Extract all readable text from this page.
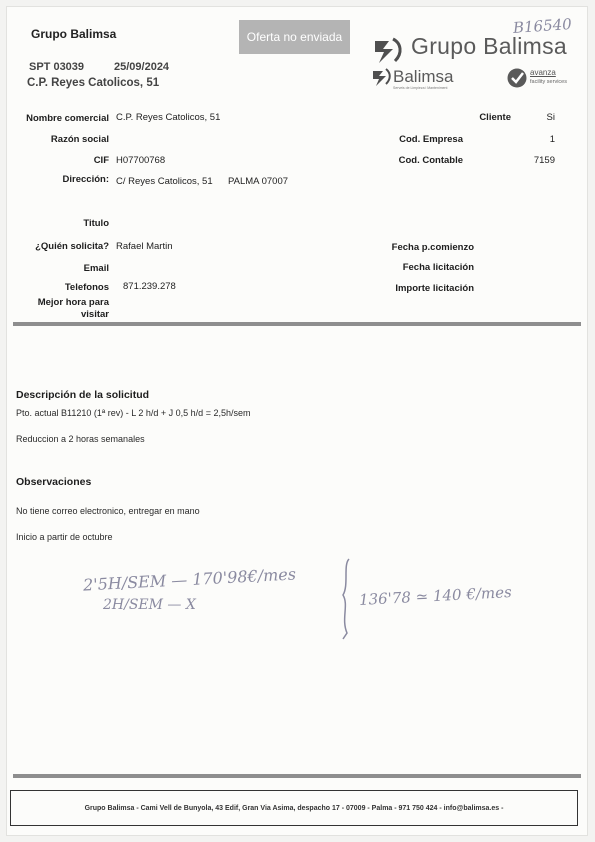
Grupo Balimsa	Oferta no enviada
SPT 03039	25/09/2024
C.P. Reyes Catolicos, 51
B16540
Grupo Balimsa
Balimsa
Serveis de Limpieza i Manteniment
avanza
facility services
Nombre comercial C.P. Reyes Catolicos, 51
Razón social
CIF H07700768
Dirección: C/ Reyes Catolicos, 51 PALMA 07007
Cliente	Si
Cod. Empresa	1
Cod. Contable	7159
Titulo
¿Quién solicita? Rafael Martin
Email
Telefonos 871.239.278
Mejor hora para
visitar
Fecha p.comienzo
Fecha licitación
Importe licitación
Descripción de la solicitud
Pto. actual B11210 (1ª rev) - L 2 h/d + J 0,5 h/d = 2,5h/sem
Reduccion a 2 horas semanales
Observaciones
No tiene correo electronico, entregar en mano
Inicio a partir de octubre
2'5H/SEM — 170'98€/mes
2H/SEM — X	136'78 ≃ 140 €/mes
Grupo Balimsa - Cami Vell de Bunyola, 43 Edif, Gran Via Asima, despacho 17 - 07009 - Palma - 971 750 424 - info@balimsa.es -
